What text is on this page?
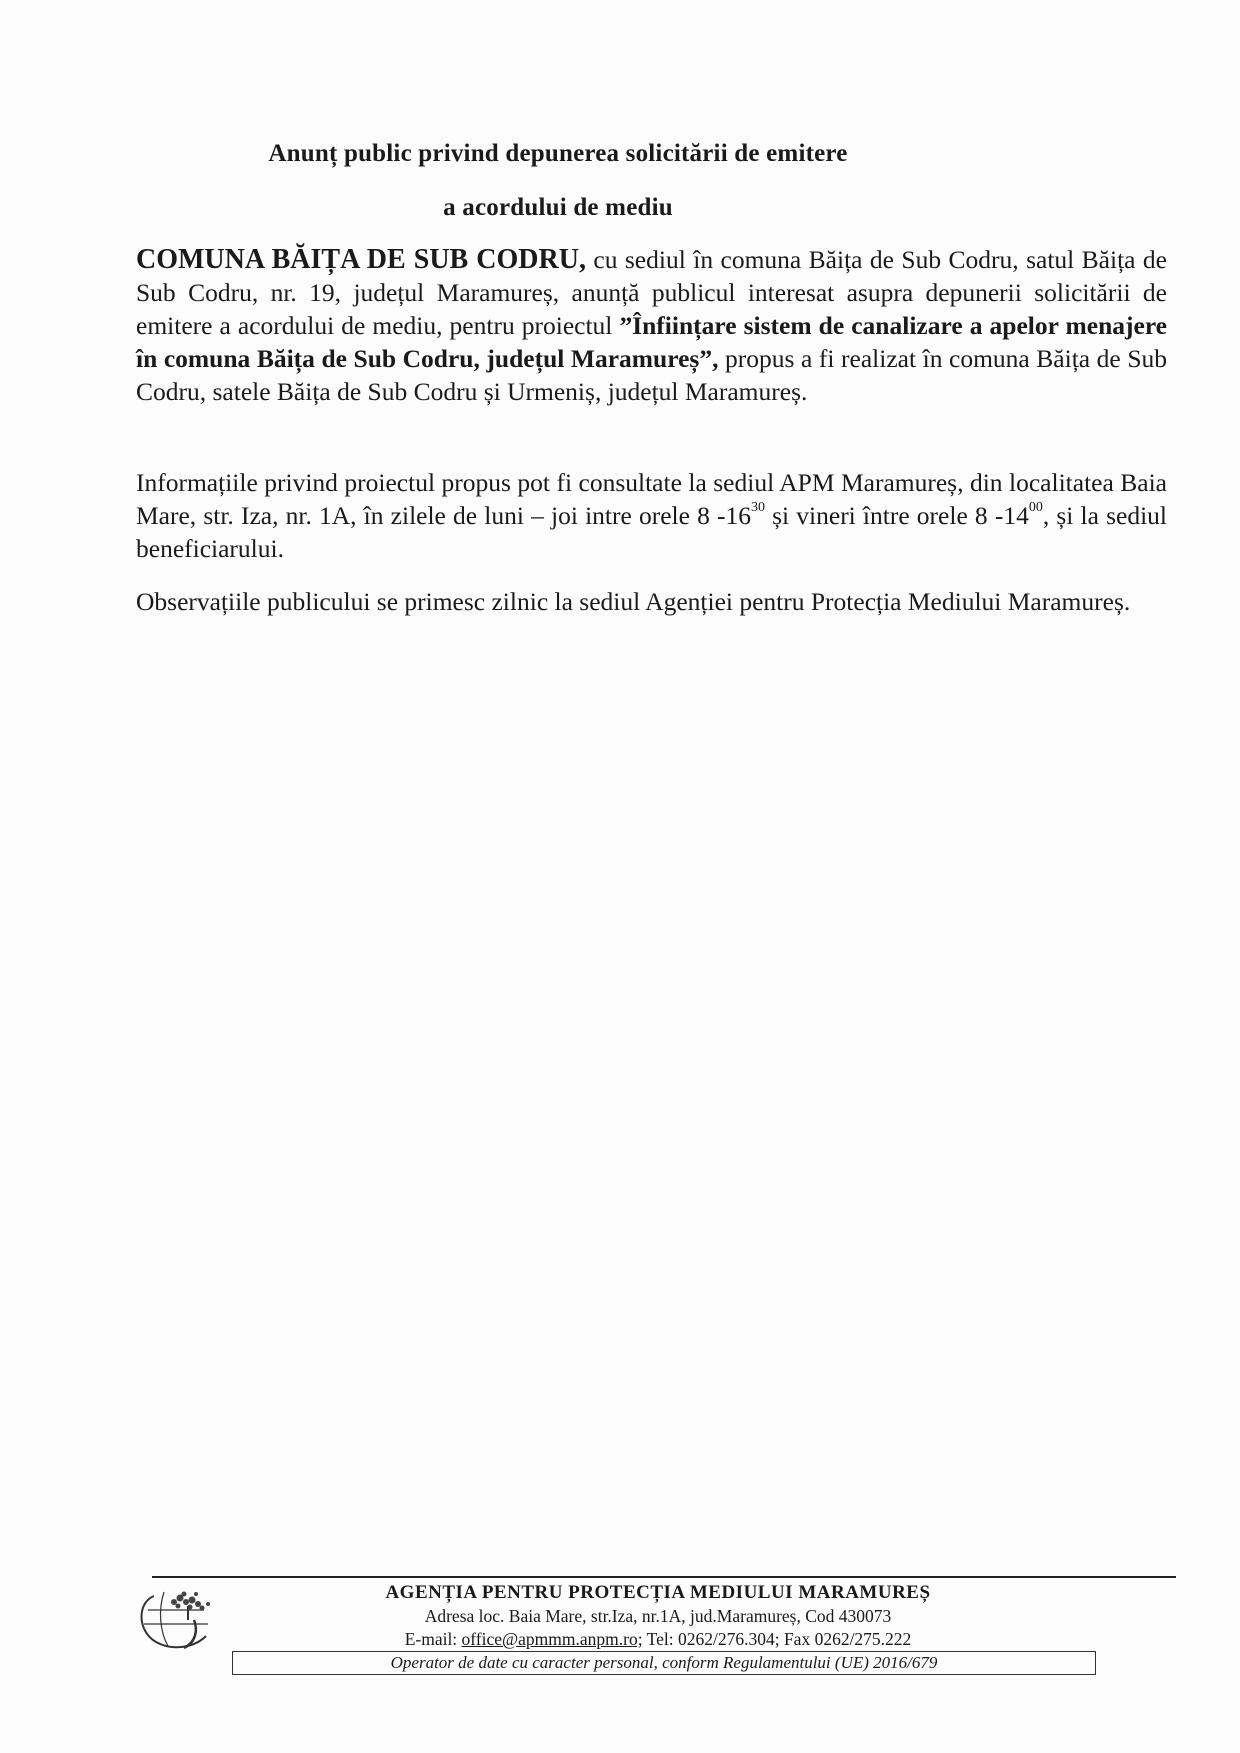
Anunț public privind depunerea solicitării de emitere
a acordului de mediu
COMUNA BĂIȚA DE SUB CODRU, cu sediul în comuna Băița de Sub Codru, satul Băița de Sub Codru, nr. 19, județul Maramureș, anunță publicul interesat asupra depunerii solicitării de emitere a acordului de mediu, pentru proiectul ”Înființare sistem de canalizare a apelor menajere în comuna Băița de Sub Codru, județul Maramureș”, propus a fi realizat în comuna Băița de Sub Codru, satele Băița de Sub Codru și Urmeniș, județul Maramureș.
Informațiile privind proiectul propus pot fi consultate la sediul APM Maramureș, din localitatea Baia Mare, str. Iza, nr. 1A, în zilele de luni – joi intre orele 8 $-16^{30}$ și vineri între orele 8 $-14^{00}$, și la sediul beneficiarului.
Observațiile publicului se primesc zilnic la sediul Agenției pentru Protecția Mediului Maramureș.
AGENȚIA PENTRU PROTECȚIA MEDIULUI MARAMUREȘ
Adresa loc. Baia Mare, str.Iza, nr.1A, jud.Maramureș, Cod 430073
E-mail: office@apmmm.anpm.ro; Tel: 0262/276.304; Fax 0262/275.222
Operator de date cu caracter personal, conform Regulamentului (UE) 2016/679
